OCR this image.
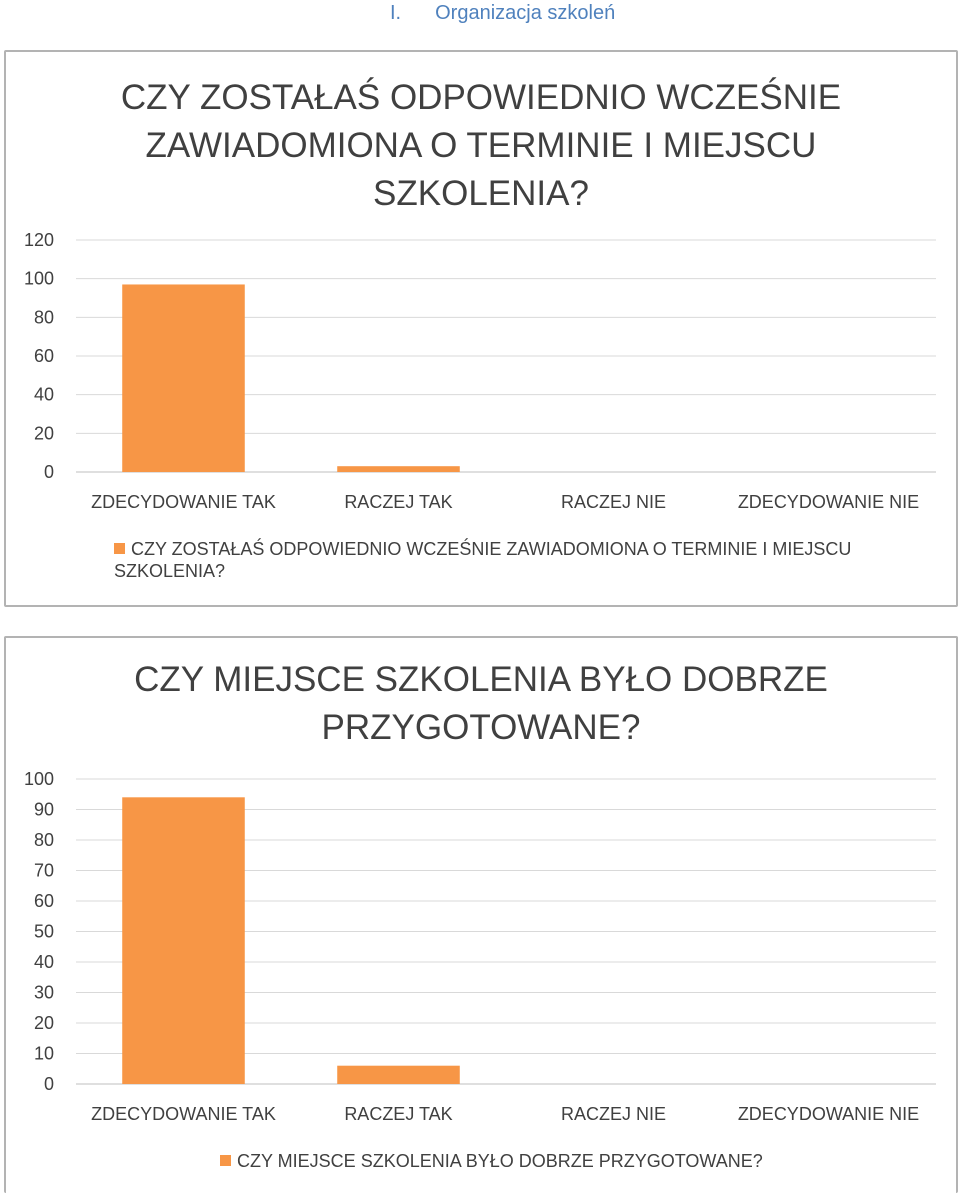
I. Organizacja szkoleń
CZY ZOSTAŁAŚ ODPOWIEDNIO WCZEŚNIE ZAWIADOMIONA O TERMINIE I MIEJSCU SZKOLENIA?
0
20
40
60
80
100
120
ZDECYDOWANIE TAK	RACZEJ TAK	RACZEJ NIE	ZDECYDOWANIE NIE
CZY ZOSTAŁAŚ ODPOWIEDNIO WCZEŚNIE ZAWIADOMIONA O TERMINIE I MIEJSCU SZKOLENIA?
CZY MIEJSCE SZKOLENIA BYŁO DOBRZE PRZYGOTOWANE?
0
10
20
30
40
50
60
70
80
90
100
ZDECYDOWANIE TAK	RACZEJ TAK	RACZEJ NIE	ZDECYDOWANIE NIE
CZY MIEJSCE SZKOLENIA BYŁO DOBRZE PRZYGOTOWANE?
